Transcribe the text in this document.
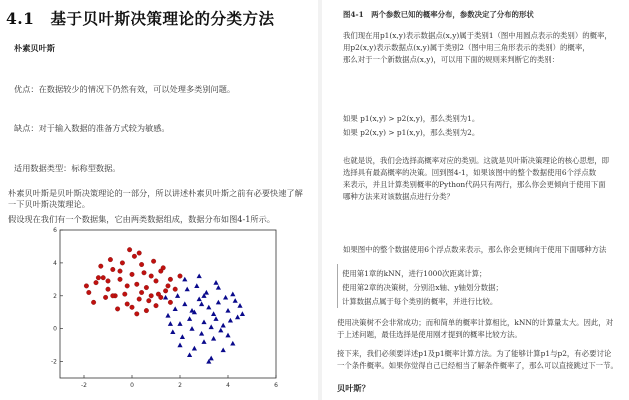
4.1　基于贝叶斯决策理论的分类方法
朴素贝叶斯
优点：在数据较少的情况下仍然有效，可以处理多类别问题。
缺点：对于输入数据的准备方式较为敏感。
适用数据类型：标称型数据。
朴素贝叶斯是贝叶斯决策理论的一部分，所以讲述朴素贝叶斯之前有必要快速了解
一下贝叶斯决策理论。
假设现在我们有一个数据集，它由两类数据组成，数据分布如图4-1所示。
-2	0	2	4	6
6
4
2
0
-2
图4-1　两个参数已知的概率分布，参数决定了分布的形状
我们现在用p1(x,y)表示数据点(x,y)属于类别1（图中用圆点表示的类别）的概率，
用p2(x,y)表示数据点(x,y)属于类别2（图中用三角形表示的类别）的概率，
那么对于一个新数据点(x,y)，可以用下面的规则来判断它的类别：
如果 p1(x,y) > p2(x,y)，那么类别为1。
如果 p2(x,y) > p1(x,y)，那么类别为2。
也就是说，我们会选择高概率对应的类别。这就是贝叶斯决策理论的核心思想，即
选择具有最高概率的决策。回到图4-1，如果该图中的整个数据使用6个浮点数
来表示，并且计算类别概率的Python代码只有两行，那么你会更倾向于使用下面
哪种方法来对该数据点进行分类？
如果图中的整个数据使用6个浮点数来表示，那么你会更倾向于使用下面哪种方法
使用第1章的kNN，进行1000次距离计算；
使用第2章的决策树，分别沿x轴、y轴划分数据；
计算数据点属于每个类别的概率，并进行比较。
使用决策树不会非常成功；而和简单的概率计算相比，kNN的计算量太大。因此，对
于上述问题，最佳选择是使用刚才提到的概率比较方法。
接下来，我们必须要详述p1及p1概率计算方法。为了能够计算p1与p2，有必要讨论
一个条件概率。如果你觉得自己已经相当了解条件概率了，那么可以直接跳过下一节。
贝叶斯？
